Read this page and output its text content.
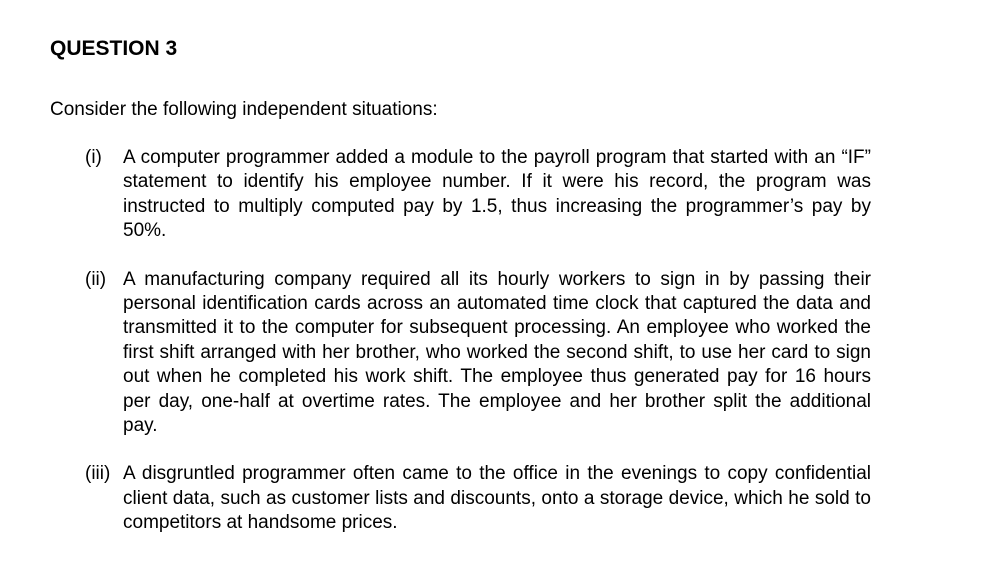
QUESTION 3

Consider the following independent situations:

(i)	A computer programmer added a module to the payroll program that started with an “IF” statement to identify his employee number. If it were his record, the program was instructed to multiply computed pay by 1.5, thus increasing the programmer’s pay by 50%.
(ii) A manufacturing company required all its hourly workers to sign in by passing their personal identification cards across an automated time clock that captured the data and transmitted it to the computer for subsequent processing. An employee who worked the first shift arranged with her brother, who worked the second shift, to use her card to sign out when he completed his work shift. The employee thus generated pay for 16 hours per day, one-half at overtime rates. The employee and her brother split the additional pay.
(iii) A disgruntled programmer often came to the office in the evenings to copy confidential client data, such as customer lists and discounts, onto a storage device, which he sold to competitors at handsome prices.
